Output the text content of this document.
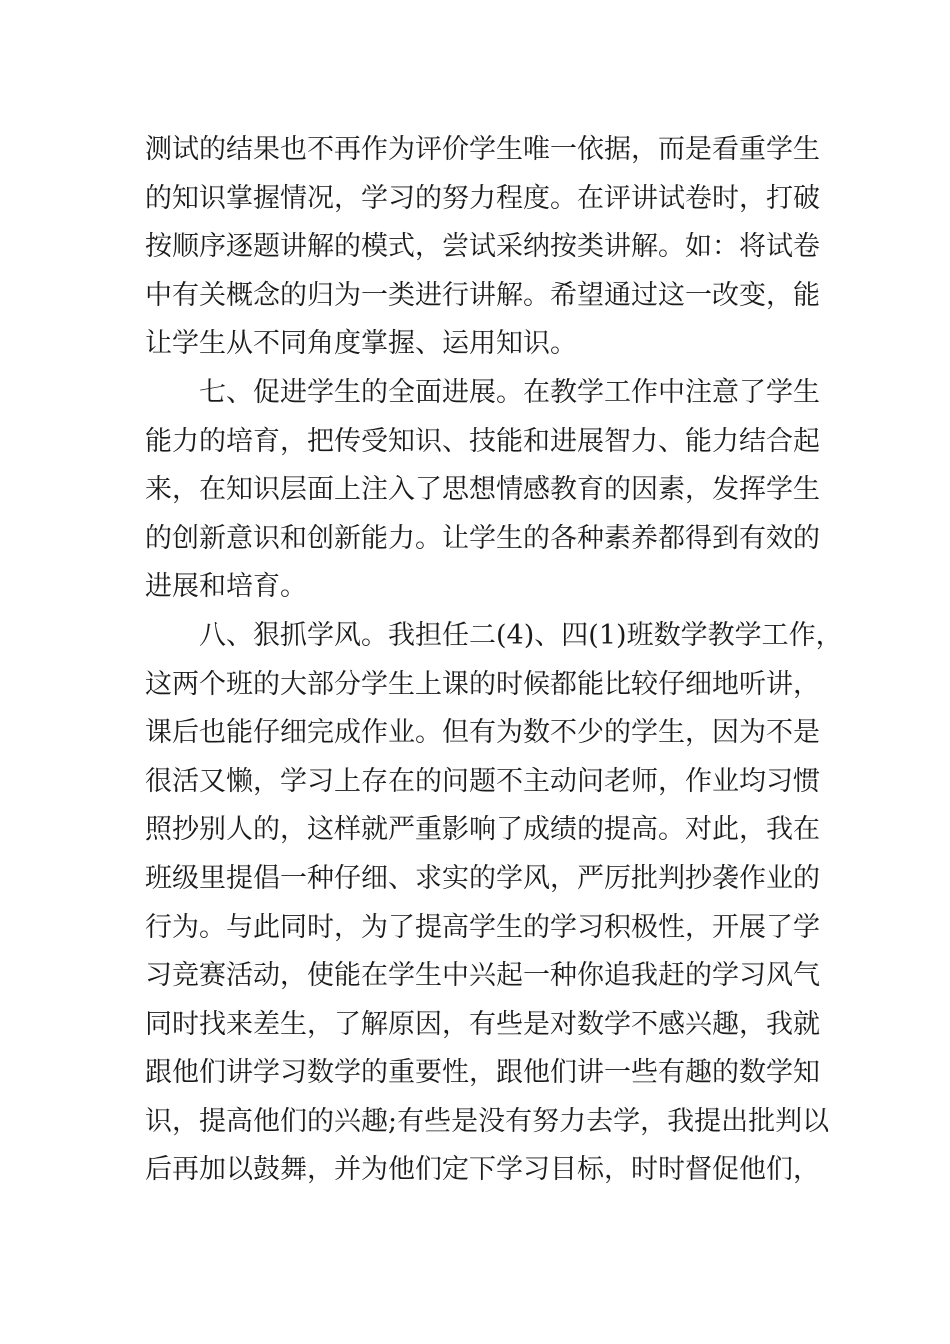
测 试 的 结 果 也 不 再 作 为 评 价 学 生 唯 一 依 据 ， 而 是 看 重 学 生
的 知 识 掌 握 情 况 ， 学 习 的 努 力 程 度 。 在 评 讲 试 卷 时 ， 打 破
按 顺 序 逐 题 讲 解 的 模 式 ， 尝 试 采 纳 按 类 讲 解 。 如 ： 将 试 卷
中 有 关 概 念 的 归 为 一 类 进 行 讲 解 。 希 望 通 过 这 一 改 变 ， 能
让学生从不同角度掌握、运用知识。
七 、 促 进 学 生 的 全 面 进 展 。 在 教 学 工 作 中 注 意 了 学 生
能 力 的 培 育 ， 把 传 受 知 识 、 技 能 和 进 展 智 力 、 能 力 结 合 起
来 ， 在 知 识 层 面 上 注 入 了 思 想 情 感 教 育 的 因 素 ， 发 挥 学 生
的 创 新 意 识 和 创 新 能 力 。 让 学 生 的 各 种 素 养 都 得 到 有 效 的
进展和培育。
八 、 狠 抓 学 风 。 我 担 任 二 ( 4 ) 、 四 ( 1 ) 班 数 学 教 学 工 作 ，
这 两 个 班 的 大 部 分 学 生 上 课 的 时 候 都 能 比 较 仔 细 地 听 讲 ，
课 后 也 能 仔 细 完 成 作 业 。 但 有 为 数 不 少 的 学 生 ， 因 为 不 是
很 活 又 懒 ， 学 习 上 存 在 的 问 题 不 主 动 问 老 师 ， 作 业 均 习 惯
照 抄 别 人 的 ， 这 样 就 严 重 影 响 了 成 绩 的 提 高 。 对 此 ， 我 在
班 级 里 提 倡 一 种 仔 细 、 求 实 的 学 风 ， 严 厉 批 判 抄 袭 作 业 的
行 为 。 与 此 同 时 ， 为 了 提 高 学 生 的 学 习 积 极 性 ， 开 展 了 学
习 竞 赛 活 动 ， 使 能 在 学 生 中 兴 起 一 种 你 追 我 赶 的 学 习 风 气
同 时 找 来 差 生 ， 了 解 原 因 ， 有 些 是 对 数 学 不 感 兴 趣 ， 我 就
跟 他 们 讲 学 习 数 学 的 重 要 性 ， 跟 他 们 讲 一 些 有 趣 的 数 学 知
识 ， 提 高 他 们 的 兴 趣 ; 有 些 是 没 有 努 力 去 学 ， 我 提 出 批 判 以
后 再 加 以 鼓 舞 ， 并 为 他 们 定 下 学 习 目 标 ， 时 时 督 促 他 们 ，
